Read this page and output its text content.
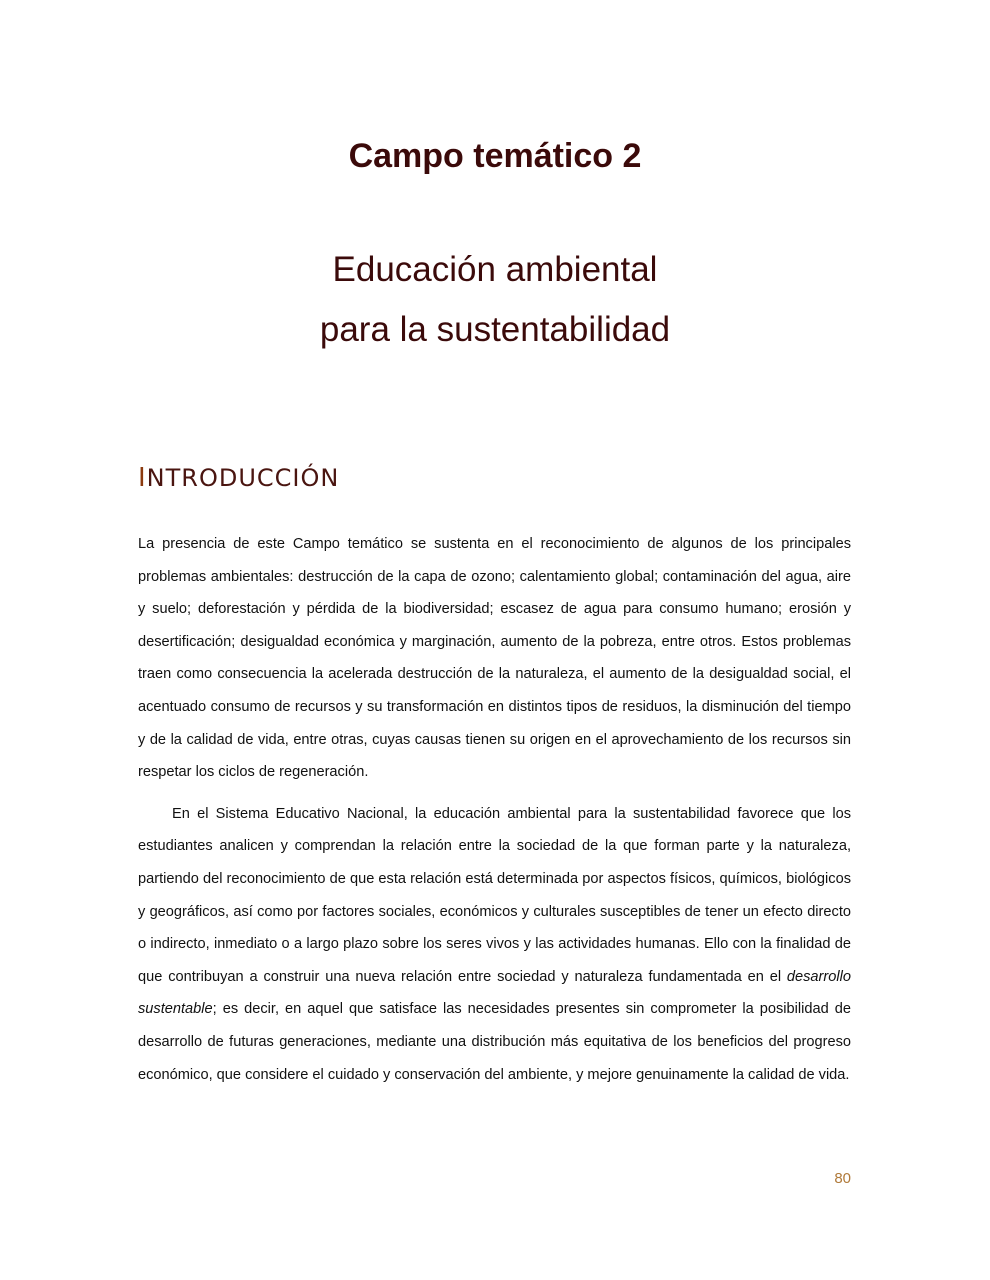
Campo temático 2
Educación ambiental
para la sustentabilidad
INTRODUCCIÓN

La presencia de este Campo temático se sustenta en el reconocimiento de algunos de los principales problemas ambientales: destrucción de la capa de ozono; calentamiento global; contaminación del agua, aire y suelo; deforestación y pérdida de la biodiversidad; escasez de agua para consumo humano; erosión y desertificación; desigualdad económica y marginación, aumento de la pobreza, entre otros. Estos problemas traen como consecuencia la acelerada destrucción de la naturaleza, el aumento de la desigualdad social, el acentuado consumo de recursos y su transformación en distintos tipos de residuos, la disminución del tiempo y de la calidad de vida, entre otras, cuyas causas tienen su origen en el aprovechamiento de los recursos sin respetar los ciclos de regeneración.

En el Sistema Educativo Nacional, la educación ambiental para la sustentabilidad favorece que los estudiantes analicen y comprendan la relación entre la sociedad de la que forman parte y la naturaleza, partiendo del reconocimiento de que esta relación está determinada por aspectos físicos, químicos, biológicos y geográficos, así como por factores sociales, económicos y culturales susceptibles de tener un efecto directo o indirecto, inmediato o a largo plazo sobre los seres vivos y las actividades humanas. Ello con la finalidad de que contribuyan a construir una nueva relación entre sociedad y naturaleza fundamentada en el desarrollo sustentable; es decir, en aquel que satisface las necesidades presentes sin comprometer la posibilidad de desarrollo de futuras generaciones, mediante una distribución más equitativa de los beneficios del progreso económico, que considere el cuidado y conservación del ambiente, y mejore genuinamente la calidad de vida.

80
